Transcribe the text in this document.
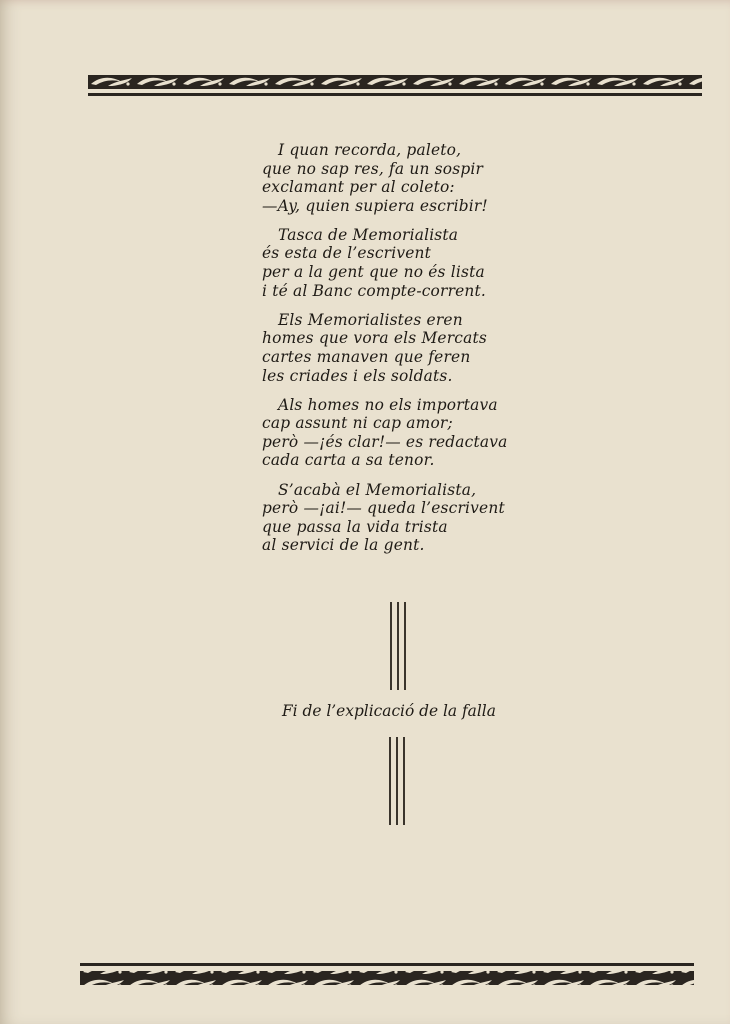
I quan recorda, paleto,
que no sap res, fa un sospir
exclamant per al coleto:
—Ay, quien supiera escribir!
Tasca de Memorialista
és esta de l’escrivent
per a la gent que no és lista
i té al Banc compte-corrent.
Els Memorialistes eren
homes que vora els Mercats
cartes manaven que feren
les criades i els soldats.
Als homes no els importava
cap assunt ni cap amor;
però —¡és clar!— es redactava
cada carta a sa tenor.
S’acabà el Memorialista,
però —¡ai!— queda l’escrivent
que passa la vida trista
al servici de la gent.
Fi de l’explicació de la falla
